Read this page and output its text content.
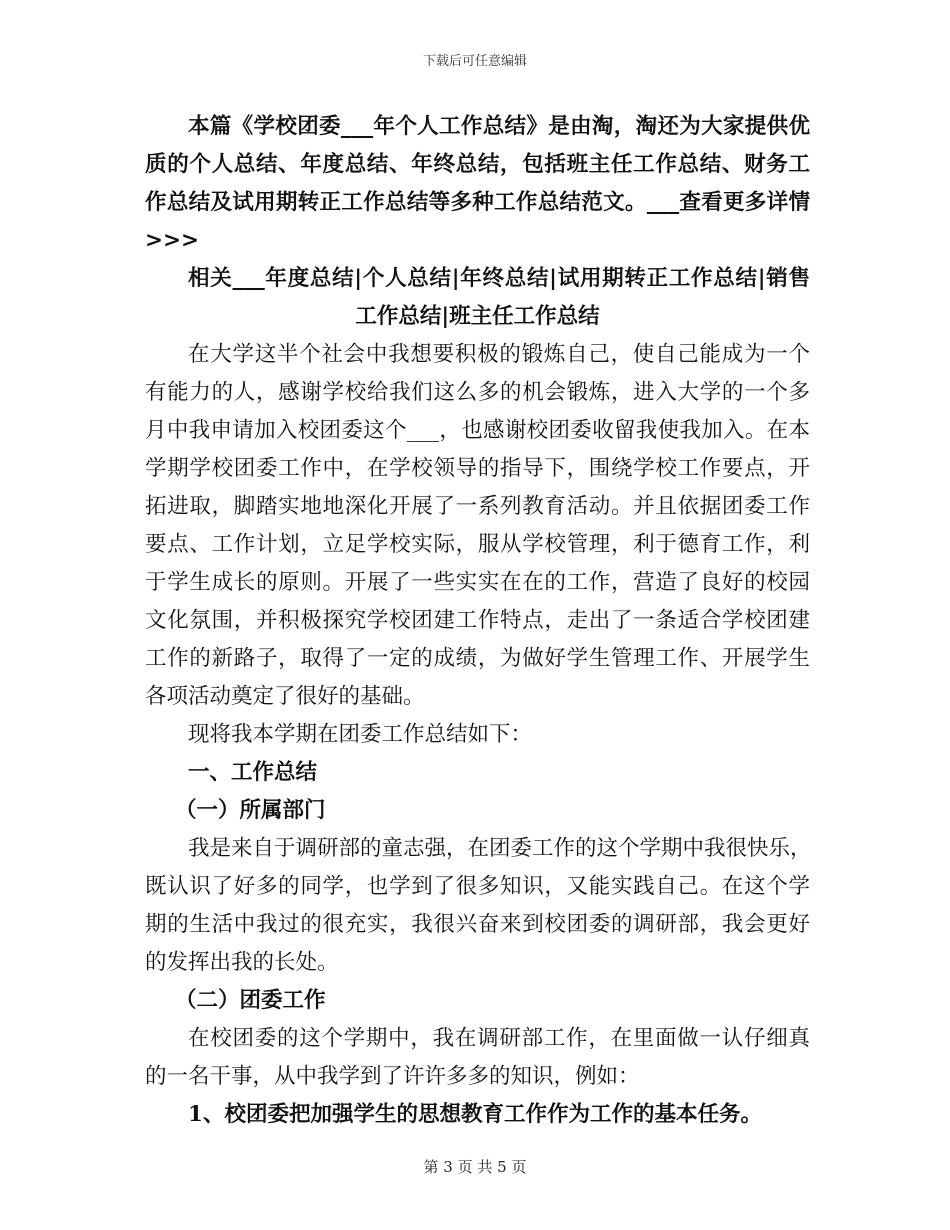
下载后可任意编辑
本篇《学校团委___年个人工作总结》是由淘，淘还为大家提供优
质的个人总结、年度总结、年终总结，包括班主任工作总结、财务工
作总结及试用期转正工作总结等多种工作总结范文。___查看更多详情
>>>
相关___年度总结|个人总结|年终总结|试用期转正工作总结|销售
工作总结|班主任工作总结
在大学这半个社会中我想要积极的锻炼自己，使自己能成为一个
有能力的人，感谢学校给我们这么多的机会锻炼，进入大学的一个多
月中我申请加入校团委这个___，也感谢校团委收留我使我加入。在本
学期学校团委工作中，在学校领导的指导下，围绕学校工作要点，开
拓进取，脚踏实地地深化开展了一系列教育活动。并且依据团委工作
要点、工作计划，立足学校实际，服从学校管理，利于德育工作，利
于学生成长的原则。开展了一些实实在在的工作，营造了良好的校园
文化氛围，并积极探究学校团建工作特点，走出了一条适合学校团建
工作的新路子，取得了一定的成绩，为做好学生管理工作、开展学生
各项活动奠定了很好的基础。
现将我本学期在团委工作总结如下：
一、工作总结
（一）所属部门
我是来自于调研部的童志强，在团委工作的这个学期中我很快乐，
既认识了好多的同学，也学到了很多知识，又能实践自己。在这个学
期的生活中我过的很充实，我很兴奋来到校团委的调研部，我会更好
的发挥出我的长处。
（二）团委工作
在校团委的这个学期中，我在调研部工作，在里面做一认仔细真
的一名干事，从中我学到了许许多多的知识，例如：
1、校团委把加强学生的思想教育工作作为工作的基本任务。
第 3 页 共 5 页
